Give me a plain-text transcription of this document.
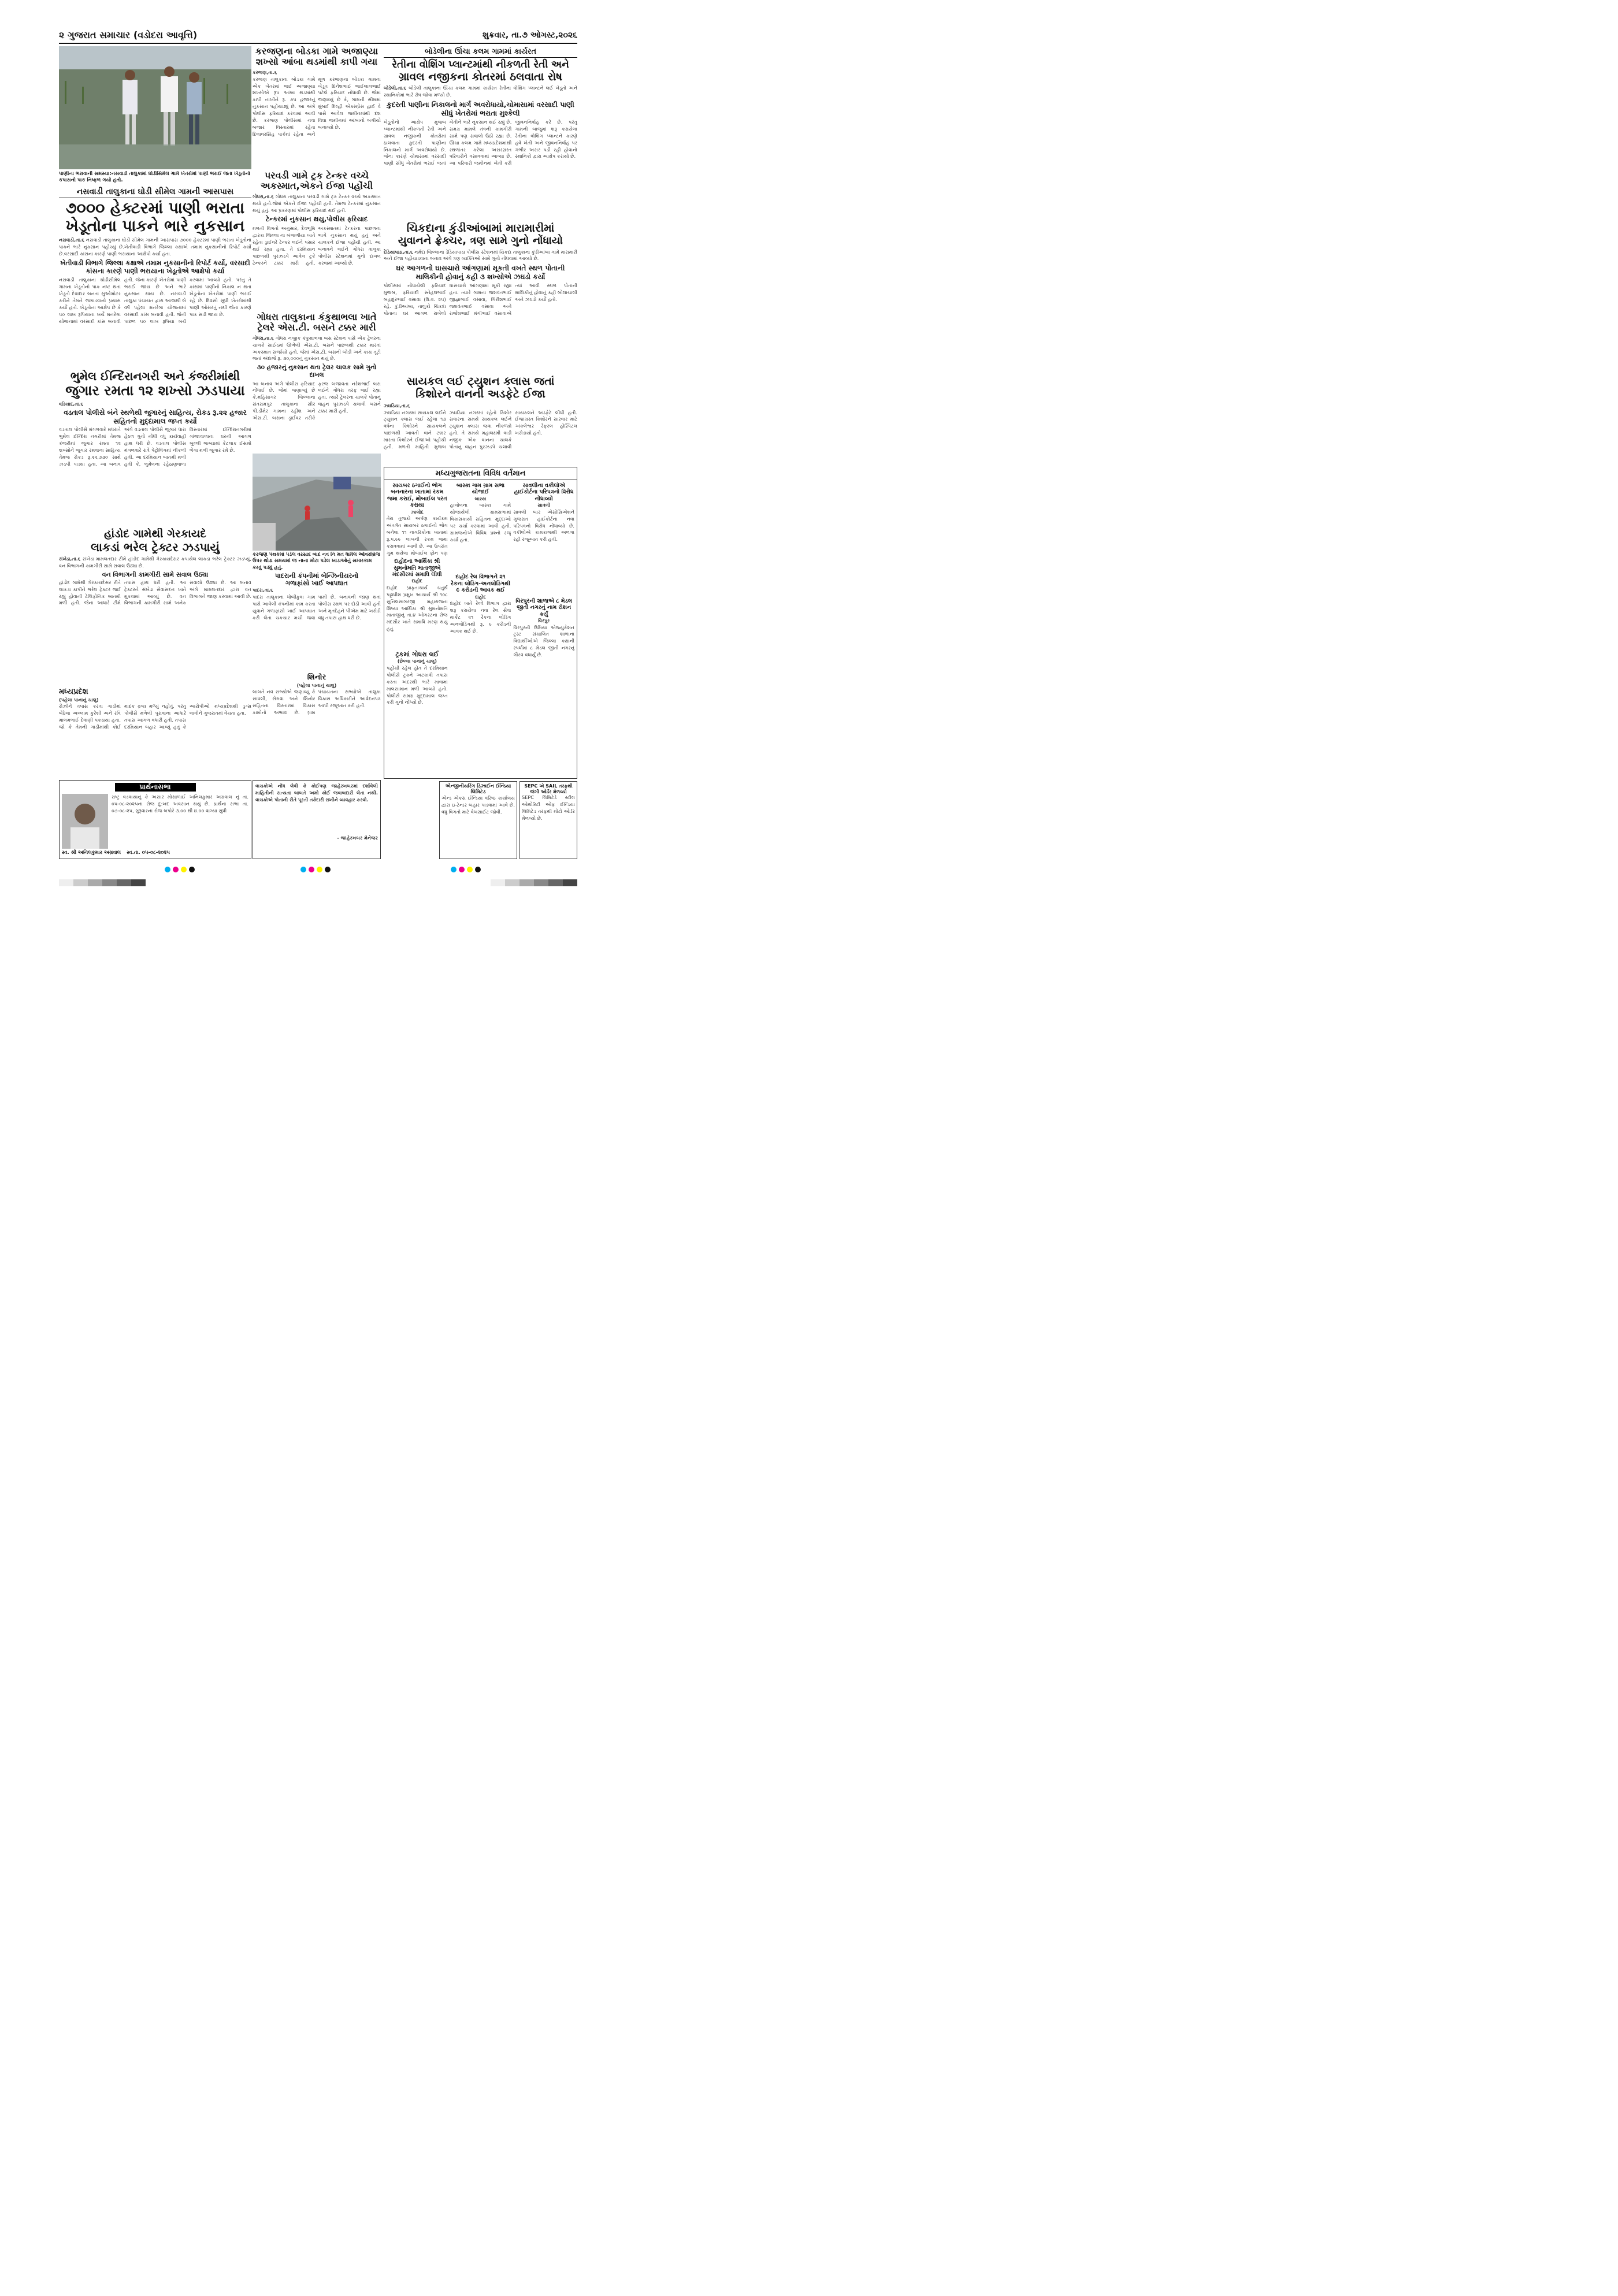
૨ ગુજરાત સમાચાર (વડોદરા આવૃત્તિ)	શુક્રવાર, તા.૭ ઓગસ્ટ,૨૦૨૬
પાણીના ભરાવાની સમસ્યા:નસવાડી તાલુકામાં ઘોડીસિમેલ ગામે ખેતરોમાં પાણી ભરાઈ જતા ખેડૂતોનો કપાસનો પાક નિષ્ફળ ગયો હતો.
નસવાડી તાલુકાના ઘોડી સીમેલ ગામની આસપાસ
૭૦૦૦ હેક્ટરમાં પાણી ભરાતા
ખેડૂતોના પાકને ભારે નુકસાન
નસવાડી,તા.૬ નસવાડી તાલુકાના ઘોડી સીમેલ ગામની આસપાસ ૭૦૦૦ હેક્ટરમાં પાણી ભરાતા ખેડૂતોના પાકને ભારે નુકસાન પહોંચ્યું છે.ખેતીવાડી વિભાગે જિલ્લા કક્ષાએ તમામ નુકસાનીનો રિપોર્ટ કર્યો છે.વરસાદી કાંસના કારણે પાણી ભરાયાના આક્ષેપો કર્યા હતા.
ખેતીવાડી વિભાગે જિલ્લા કક્ષાએ તમામ નુકસાનીનો રિપોર્ટ કર્યો, વરસાદી કાંસના કારણે પાણી ભરાયાના ખેડૂતોએ આક્ષેપો કર્યા
નસવાડી તાલુકાના ઘોડીસીમેલ ગામના ખેડૂતોનો પાક નષ્ટ થતાં ખેડૂતો દેવાદાર બનતા સુઓમોટર કરીને તેમને જગાડવાનો પ્રયાસ કર્યો હતો. ખેડૂતોના આક્ષેપ છે કે ૫૦ લાખ રૂપિયાના ખર્ચે મનરેગા યોજનામાં વરસાદી કાંસ બનાવી હતી. જેના કારણે ખેતરોમાં પાણી ભરાઈ જાય છે અને ભારે નુકસાન થાય છે. નસવાડી તાલુકા પંચાયત દ્વારા આજથી બે વર્ષ પહેલા મનરેગા યોજનામાં વરસાદી કાંસ બનાવી હતી. જેની પાછળ ૫૦ લાખ રૂપિયા ખર્ચ કરવામાં આવ્યો હતો. પરંતુ તે કાંસમાં પાણીનો નિકાલ ન થતા ખેડૂતોના ખેતરોમાં પાણી ભરાઈ રહે છે. દિવસો સુધી ખેતરોમાંથી પાણી ઓસરતું નથી જેના કારણે પાક સડી જાય છે.
ભુમેલ ઈન્દિરાનગરી અને કંજરીમાંથી
જુગાર રમતા ૧૨ શખ્સો ઝડપાયા
વડિયાદ,તા.૬
વડતાલ પોલીસે બંને સ્થળેથી જુગારનું સાહિત્ય, રોકડ રૂ.૨૨ હજાર સહિતનો મુદ્દામાલ જપ્ત કર્યો
વડતાલ પોલીસે મંગળવારે મધરાતે ભુમેલ ઈન્દિરા નગરીમાં તેમજ કંજરીમાં જુગાર રમતા ૧૨ શખ્સોને જુગાર રમવાના સાહિત્ય તેમજ રોકડ રૂ.૨૨,૭૩૦ સાથે ઝડપી પાડ્યા હતા. આ બનાવ અંગે વડતાલ પોલીસે જુગાર ધારા હેઠળ ગુનો નોંધી વધુ કાર્યવાહી હાથ ધરી છે. વડતાલ પોલીસ મંગળવારે રાત્રે પેટ્રોલિંગમાં નીકળી હતી. આ દરમિયાન બાતમી મળી હતી કે, ભુમેલના રહેઠાણવાળા વિસ્તારમાં ઈન્દિરાનગરીમાં ગાંજાવાળાના ઘરની આગળ ખુલ્લી જગ્યામાં કેટલાક ઈસમો ભેગા મળી જુગાર રમે છે.
હાંડોદ ગામેથી ગેરકાયદે
લાકડાં ભરેલ ટ્રેક્ટર ઝડપાયું
સંખેડા,તા.૬ સંખેડા મામલતદાર ટીમે હાંડોદ ગામેથી ગેરકાયદેસર કપાયેલ લાકડા ભરેલ ટ્રેક્ટર ઝડપ્યું, વન વિભાગની કામગીરી સામે સવાલ ઉઠ્યા છે.
વન વિભાગની કામગીરી સામે સવાલ ઉઠ્યા
હાંડોદ ગામેથી ગેરકાયદેસર રીતે લાકડા કાપીને ભરેલ ટ્રેક્ટર જઈ રહ્યું હોવાની ટેલિફોનિક બાતમી મળી હતી. જેના આધારે ટીમે તપાસ હાથ ધરી હતી. આ ટ્રેક્ટરને સંખેડા સેવાસદન ખાતે મુકવામાં આવ્યું છે. વન વિભાગની કામગીરી સામે અનેક સવાલો ઉઠ્યા છે. આ બનાવ અંગે મામલતદાર દ્વારા વન વિભાગને જાણ કરવામાં આવી છે.
મધ્યપ્રદેશ
(પહેલા પાનાનું ચાલુ)
રોઝીને તપાસ કરતા ગાડીમાં બેઠેલા અલ્લામ કુરેશી અને રવિ માલમભાઈ દેવાણી પકડાયા હતા. જો કે તેમની ગાડીમાંથી કોઈ માદક દ્રવ્ય મળ્યું નહોતું. પરંતુ પોલીસે મળેલી પુરાવાના આધારે તપાસ આગળ વધારી હતી. તપાસ દરમિયાન બહાર આવ્યું હતું કે આરોપીઓ મધ્યપ્રદેશથી ડ્રગ્સ લાવીને ગુજરાતમાં વેચતા હતા.
પ્રાર્થનાસભા
રાષ્ટ્ર વડવાયાનું કે અસાર મોસાળાઈ અનિલકુમાર અગ્રવાલ નું તા. ૦૫-૦૮-૨૦૨૫ના રોજ દુ:ખદ અવસાન થયું છે. પ્રાર્થના સભા તા. ૦૭-૦૮-૨૫, ગુરૂવારના રોજ બપોરે ૩.૦૦ થી ૪.૦૦ વાગ્યા સુધી
સ્વ. શ્રી અનિલકુમાર અગ્રવાલ સ્વ.તા. ૦૫-૦૮-૨૦૨૫
કરજણના બોડકા ગામે અજાણ્યા
શખ્સો આંબા થડમાંથી કાપી ગયા
કરજણ,તા.૬
કરજણ તાલુકાના બોડકા ગામે એક ખેતરમાં જઈ અજાણ્યા શખ્સોએ રૂપ આંબા થડમાંથી કાપી નાખીને રૂ. ૭૫ હજારનું નુકસાન પહોંચાડ્યું છે. આ અંગે પોલીસ ફરિયાદ કરવામાં આવી છે. કરજણ પોલીસમાં નવા બજાર વિસ્તારમાં રહેતા દિલાવરસિંહ પાર્કમાં રહેતા અને મૂળ કરજણના બોડકા ગામના ખેડૂત દિનેશભાઈ ભાઈલાલભાઈ પટેલે ફરિયાદ નોંધાવી છે. જેમાં જણાવ્યું છે કે, ગામની સીમમાં મુંબઈ દિલ્હી એક્સપ્રેસ હાઈ વે પાસે આવેલ જમીનમાંથી દશ વિઘા જમીનમાં આંબાનો બગીચો બનાવ્યો છે.
પરવડી ગામે ટ્રક ટેન્કર વચ્ચે
અકસ્માત,એકને ઈજા પહોંચી
ગોધરા,તા.૬ ગોધરા તાલુકાના પરવડી ગામે ટ્રક ટેન્કર વચ્ચે અકસ્માત થયો હતો.જેમાં એકને ઈજા પહોંચી હતી. તેમજ ટેન્કરમાં નુકસાન થયું હતું. આ પ્રકરણમાં પોલીસ ફરિયાદ થઈ હતી.
ટેન્કરમાં નુકસાન થયુ,પોલીસ ફરિયાદ
મળતી વિગતો અનુસાર, દેવભૂમિ દ્વારકા જિલ્લા ના ખંભાળીયા ખાતે રહેતા ડ્રાઈવરે ટેન્કર લઈને પસાર થઈ રહ્યા હતા. તે દરમિયાન પાછળથી પુરઝડપે આવેલ ટ્રકે ટેન્કરને ટક્કર મારી હતી. અકસ્માતમાં ટેન્કરના પાછળના ભાગે નુકસાન થયું હતું અને ચાલકને ઈજા પહોંચી હતી. આ બનાવને લઈને ગોધરા તાલુકા પોલીસ સ્ટેશનમાં ગુનો દાખલ કરવામાં આવ્યો છે.
ગોધરા તાલુકાના કંકુથાભલા ખાતે
ટ્રેલરે એસ.ટી. બસને ટક્કર મારી
ગોધરા,તા.૬ ગોધરા નજીક કંકુથાભલા બસ સ્ટેશન પાસે એક ટ્રેલરના ચાલકે સાઈડમાં ઊભેલી એસ.ટી. બસને પાછળથી ટક્કર મારતાં અકસ્માત સર્જાયો હતો. જેમાં એસ.ટી. બસની બોડી અને કાચ તૂટી જતાં અંદાજે રૂ. ૩૦,૦૦૦નું નુકસાન થયું છે.
૩૦ હજારનું નુકસાન થતા ટ્રેલર ચાલક સામે ગુનો દાખલ
આ બનાવ અંગે પોલીસ ફરિયાદ નોંધાઈ છે. જેમાં જણાવ્યું છે કે,મહિસાગર જિલ્લાના સંતરામપુર તાલુકાના સીર પી.ડીમેર ગામના રહીશ અને એસ.ટી. બસના ડ્રાઈવર તરીકે ફરજ બજાવતા નરેશભાઈ બસ લઈને ગોધરા તરફ જઈ રહ્યા હતા. ત્યારે ટ્રેલરના ચાલકે પોતાનું વાહન પુરઝડપે ચલાવી બસને ટક્કર મારી હતી.
કરજણ પંથકમાં પડેલ વરસાદ બાદ નવ નિ મત ધામેલ ઓવરબ્રિજ ઉપર થોડા સમયમાં જ નાના મોટા પડેલ ખાડાઓનું સમારકામ કરવું પડ્યું હતું.
પાદરાની કંપનીમાં બેન્ઝિનીયરનો
ગળાફાંસો ખાઈ આપઘાત
પાદરા,તા.૬
પાદરા તાલુકાના ધોબીકુવા ગામ પાસે આવેલી કંપનીમાં કામ કરતા યુવાને ગળાફાંસો ખાઈ આપઘાત કરી લેતા ચકચાર મચી જવા પામી છે. બનાવની જાણ થતાં પોલીસ સ્થળ પર દોડી આવી હતી અને મૃતદેહને પીએમ માટે ખસેડી વધુ તપાસ હાથ ધરી છે.
શિનોર
(પહેલા પાનાનું ચાલુ)
બાબતે નવ સભ્યોએ જણાવ્યું કે સાધલી, સેગવા અને શિનોર સહિતના વિસ્તારમાં વિકાસ કામોનો અભાવ છે. ગ્રામ પંચાયતના સભ્યોએ તાલુકા વિકાસ અધિકારીને આવેદનપત્ર આપી રજૂઆત કરી હતી.
વાચકોએ નોંધ લેવી કે કોઈપણ જાહેરખબરમાં દર્શાવેલી માહિતીની સત્યતા બાબતે અમો કોઈ જવાબદારી લેતા નથી. વાચકોએ પોતાની રીતે પૂરતી તકેદારી રાખીને વ્યવહાર કરવો.
- જાહેરખબર મેનેજર
બોડેલીના ઊંચા કલમ ગામમાં કાર્યરત
રેતીના વોશિંગ પ્લાન્ટમાંથી નીકળતી રેતી અને
ગ્રાવલ નજીકના કોતરમાં ઠલવાતા રોષ
બોડેલી,તા.૬ બોડેલી તાલુકાના ઊંચા કલમ ગામમાં કાર્યરત રેતીના વોશિંગ પ્લાન્ટને લઈ ખેડૂતો અને સ્થાનિકોમાં ભારે રોષ જોવા મળ્યો છે.
કુદરતી પાણીના નિકાલનો માર્ગ અવરોધાયો,ચોમાસામાં વરસાદી પાણી સીધું ખેતરોમાં ભરાતા મુશ્કેલી
ખેડૂતોનો આક્ષેપ મુજબ પ્લાન્ટમાંથી નીકળતી રેતી અને ગ્રાવલ નજીકની કોતરોમાં ઠાલવાતા કુદરતી પાણીના નિકાલનો માર્ગ અવરોધાયો છે. જેના કારણે ચોમાસામાં વરસાદી પાણી સીધું ખેતરોમાં ભરાઈ જતાં ખેતીને ભારે નુકસાન થઈ રહ્યું છે. સમગ્ર મામલે તંત્રની કામગીરી સામે પણ સવાલો ઉઠી રહ્યા છે. ઊંચા કલમ ગામે મધ્યપ્રદેશમાંથી સ્થળાંતર કરેલા અસરગ્રસ્ત પરિવારોને વસાવવામાં આવ્યા છે. આ પરિવારો જમીનમાં ખેતી કરી જીવનનિર્વાહ કરે છે. પરંતુ ગામની બાજુમાં શરૂ કરાયેલા રેતીના વોશિંગ પ્લાન્ટને કારણે હવે ખેતી અને જીવનનિર્વાહ પર ગંભીર અસર પડી રહી હોવાનો સ્થાનિકો દ્વારા આક્ષેપ કરાયો છે.
ચિકદાના કુંડીઆંબામાં મારામારીમાં
યુવાનને ફ્રેક્ચર, ત્રણ સામે ગુનો નોંધાયો
દેડિયાપાડા,તા.૬ નર્મદા જિલ્લાના ડેડિયાપાડા પોલીસ સ્ટેશનમાં ચિકદા તાલુકાના કુંડીઆંબા ગામે મારામારી અને ઈજા પહોંચાડવાના બનાવ અંગે ત્રણ વ્યક્તિઓ સામે ગુનો નોંધવામાં આવ્યો છે.
ઘર આગળનો ઘાસચારો આંગણામાં મૂકતી વખતે સ્થળ પોતાની માલિકીની હોવાનું કહી ૩ શખ્સોએ ઝઘડો કર્યો
પોલીસમાં નોંધાયેલી ફરિયાદ મુજબ, ફરિયાદી સ્નેહલભાઈ બહાદુરભાઈ વસાવા (ઉ.વ. ૨૫) રહે. કુંડીઆંબા, તાલુકો ચિકદા પોતાના ઘર આગળ રાખેલો ઘાસચારો આંગણામાં મૂકી રહ્યા હતા. ત્યારે ગામના જશવંતભાઈ જીજ્ઞાભાઈ વસાવા, ગિરીશભાઈ જશવંતભાઈ વસાવા અને રાજેશભાઈ મંગીભાઈ વસાવાએ ત્યાં આવી સ્થળ પોતાની માલિકીનું હોવાનું કહી બોલાચાલી અને ઝઘડો કર્યો હતો.
સાયકલ લઈ ટ્યુશન ક્લાસ જતાં
કિશોરને વાનની અડફેટે ઈજા
ઝઘડિયા,તા.૬
ઝઘડિયા નગરમાં સાયકલ લઈને ટ્યુશન ક્લાસ જઈ રહેલા ૧૩ વર્ષના કિશોરને સાયકલને પાછળથી આવતી વાને ટક્કર મારતા કિશોરને ઈજાઓ પહોંચી હતી. મળતી માહિતી મુજબ ઝઘડિયા નગરમાં રહેતો કિશોર સવારના સમયે સાયકલ લઈને ટ્યુશન ક્લાસ જવા નીકળ્યો હતો. તે સમયે મહાલક્ષ્મી વાડી નજીક એક વાનના ચાલકે પોતાનું વાહન પુરઝડપે ચલાવી સાયકલને અડફેટે લીધી હતી. ઈજાગ્રસ્ત કિશોરને સારવાર માટે અંકલેશ્વર રેફરલ હોસ્પિટલ ખસેડાયો હતો.
મધ્યગુજરાતના વિવિધ વર્તમાન
સાયબર ઠગાઈનો ભોગ બનનારના ખાતામાં રકમ જમા કરાઈ, મોબાઈલ પરત કરાયા
ઝાલોદ
તેરા તુજકો અર્પણ કાર્યક્રમ અંતર્ગત સાયબર ઠગાઈનો ભોગ બનેલા ૧૧ નાગરિકોના ખાતામાં રૂ.૫.૯૯ લાખની રકમ જમા કરાવવામાં આવી છે. આ ઉપરાંત ગુમ થયેલા મોબાઈલ ફોન પણ
દાહોદના આર્થિકા શ્રી સુમનોમતિ માતાજીએ મંદસૌરમાં સમાધિ લીધી
દાહોદ
દાહોદ પ્રાકૃતાચાર્ય ચતુર્થ પટ્ટાધીશ પ્રમુખ આચાર્ય શ્રી ૧૦૮ સુનિલસાગરજી મહારાજના શિષ્યા આર્થિકા શ્રી સુમનોમતિ માતાજીનું તા.૪ ઓગસ્ટના રોજ મંદસૌર ખાતે સમાધિ મરણ થયું હતું.
ટ્રકમાં ગોધરા લઈ
(છેલ્લા પાનાનું ચાલુ)
પહોંચી રહેલ હોત તે દરમિયાન પોલીસે ટ્રકને અટકાવી તપાસ કરતા અંદરથી ભારે માત્રામાં માલસામાન મળી આવ્યો હતો. પોલીસે સમગ્ર મુદ્દામાલ જપ્ત કરી ગુનો નોંધ્યો છે.
બાસ્કા ગામ ગ્રામ સભા યોજાઈ
બાસ્કા
હાલોલના બાસ્કા ગામે યોજાયેલી ગ્રામસભામાં વિકાસકાર્યો સહિતના મુદ્દાઓ પર ચર્ચા કરવામાં આવી હતી. ગ્રામજનોએ વિવિધ પ્રશ્નો રજૂ કર્યા હતા.
દાહોદ રેલ વિભાગને ૨૧ રેકના લોડિંગ-અનલોડિંગથી ૯ કરોડની આવક થઈ
દાહોદ
દાહોદ ખાતે રેલ્વે વિભાગ દ્વારા શરૂ કરાયેલા નવા રેલ સેવા માર્કેટ ૨૧ રેકના લોડિંગ અનલોડિંગથી રૂ. ૯ કરોડની આવક થઈ છે.
સાવલીના વકીલોએ હાઈકોર્ટના પરિપત્રનો વિરોધ નોંધાવ્યો
સાવલી
સાવલી બાર એસોસિએશને ગુજરાત હાઈકોર્ટના નવા પરિપત્રનો વિરોધ નોંધાવ્યો છે. વકીલોએ કામકાજથી અળગા રહી રજૂઆત કરી હતી.
વિરપુરની શાળાએ ૮ મેડલ જીતી નગરનું નામ રોશન કર્યું
વિરપુર
વિરપુરની ઉમિયા એજ્યુકેશન ટ્રસ્ટ સંચાલિત શાળાના વિદ્યાર્થીઓએ જિલ્લા કક્ષાની સ્પર્ધામાં ૮ મેડલ જીતી નગરનું ગૌરવ વધાર્યું છે.
એન્જીનીયરિંગ ડિઝાઈન ઈન્ડિયા લિમિટેડ
એન્ડ એકસ ઈન્ડિયા વરિષ્ઠ કાર્યાલય દ્વારા ઇ-ટેન્ડર બહાર પાડવામાં આવે છે. વધુ વિગતો માટે વેબસાઈટ જોવી.
SEPC એ SAIL તરફથી જંગી ઓર્ડર મેળવ્યો
SEPC લિમિટેડે સ્ટીલ ઓથોરિટી ઓફ ઈન્ડિયા લિમિટેડ તરફથી મોટો ઓર્ડર મેળવ્યો છે.
